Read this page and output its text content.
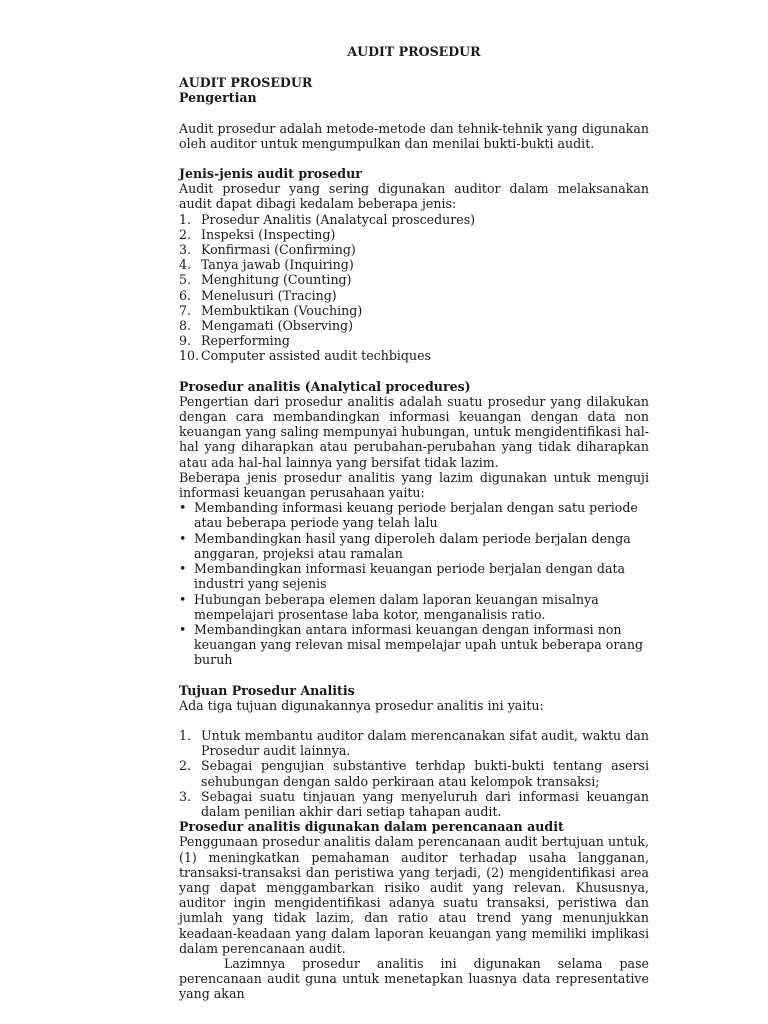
AUDIT PROSEDUR
AUDIT PROSEDUR
Pengertian

Audit prosedur adalah metode-metode dan tehnik-tehnik yang digunakan oleh auditor untuk mengumpulkan dan menilai bukti-bukti audit.

Jenis-jenis audit prosedur

Audit prosedur yang sering digunakan auditor dalam melaksanakan audit dapat dibagi kedalam beberapa jenis:

1. Prosedur Analitis (Analatycal proscedures)
2. Inspeksi (Inspecting)
3. Konfirmasi (Confirming)
4. Tanya jawab (Inquiring)
5. Menghitung (Counting)
6. Menelusuri (Tracing)
7. Membuktikan (Vouching)
8. Mengamati (Observing)
9. Reperforming
10. Computer assisted audit techbiques
Prosedur analitis (Analytical procedures)

Pengertian dari prosedur analitis adalah suatu prosedur yang dilakukan dengan cara membandingkan informasi keuangan dengan data non keuangan yang saling mempunyai hubungan, untuk mengidentifikasi hal-hal yang diharapkan atau perubahan-perubahan yang tidak diharapkan atau ada hal-hal lainnya yang bersifat tidak lazim.

Beberapa jenis prosedur analitis yang lazim digunakan untuk menguji informasi keuangan perusahaan yaitu:

• Membanding informasi keuang periode berjalan dengan satu periode atau beberapa periode yang telah lalu
• Membandingkan hasil yang diperoleh dalam periode berjalan denga anggaran, projeksi atau ramalan
• Membandingkan informasi keuangan periode berjalan dengan data industri yang sejenis
• Hubungan beberapa elemen dalam laporan keuangan misalnya mempelajari prosentase laba kotor, menganalisis ratio.
• Membandingkan antara informasi keuangan dengan informasi non keuangan yang relevan misal mempelajar upah untuk beberapa orang buruh
Tujuan Prosedur Analitis

Ada tiga tujuan digunakannya prosedur analitis ini yaitu:

1. Untuk membantu auditor dalam merencanakan sifat audit, waktu dan Prosedur audit lainnya.
2. Sebagai pengujian substantive terhdap bukti-bukti tentang asersi sehubungan dengan saldo perkiraan atau kelompok transaksi;
3. Sebagai suatu tinjauan yang menyeluruh dari informasi keuangan dalam penilian akhir dari setiap tahapan audit.
Prosedur analitis digunakan dalam perencanaan audit

Penggunaan prosedur analitis dalam perencanaan audit bertujuan untuk, (1) meningkatkan pemahaman auditor terhadap usaha langganan, transaksi-transaksi dan peristiwa yang terjadi, (2) mengidentifikasi area yang dapat menggambarkan risiko audit yang relevan. Khususnya, auditor ingin mengidentifikasi adanya suatu transaksi, peristiwa dan jumlah yang tidak lazim, dan ratio atau trend yang menunjukkan keadaan-keadaan yang dalam laporan keuangan yang memiliki implikasi dalam perencanaan audit.

Lazimnya prosedur analitis ini digunakan selama pase perencanaan audit guna untuk menetapkan luasnya data representative yang akan
